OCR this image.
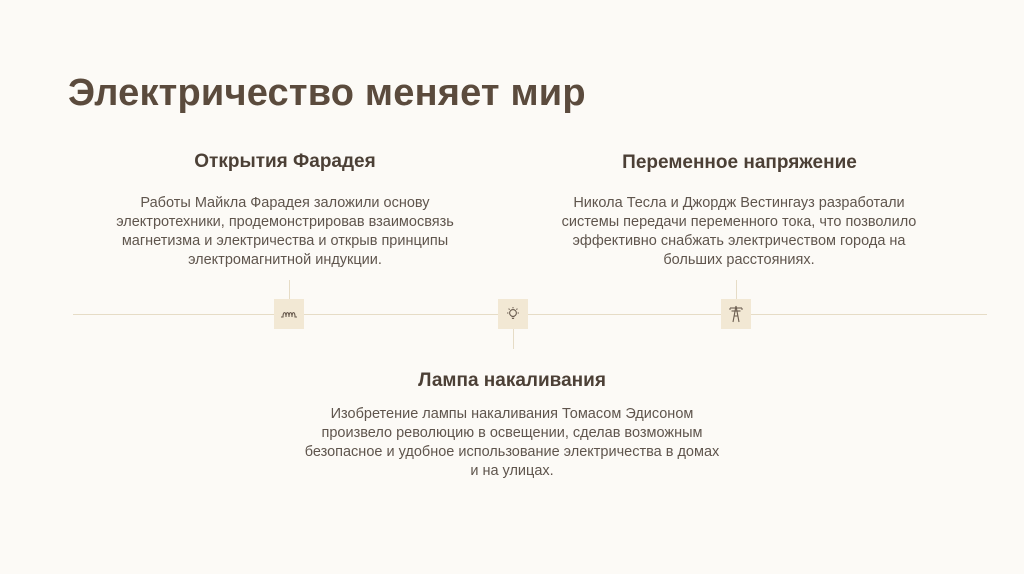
Электричество меняет мир
Открытия Фарадея

Работы Майкла Фарадея заложили основу электротехники, продемонстрировав взаимосвязь магнетизма и электричества и открыв принципы электромагнитной индукции.

Переменное напряжение

Никола Тесла и Джордж Вестингауз разработали системы передачи переменного тока, что позволило эффективно снабжать электричеством города на больших расстояниях.

Лампа накаливания

Изобретение лампы накаливания Томасом Эдисоном произвело революцию в освещении, сделав возможным безопасное и удобное использование электричества в домах и на улицах.
